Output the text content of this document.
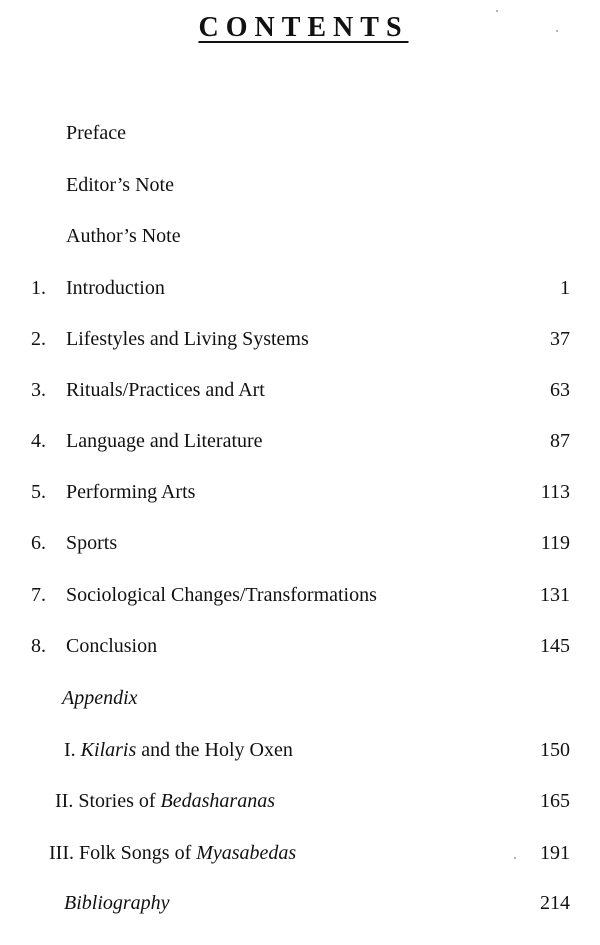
CONTENTS
Preface
Editor’s Note
Author’s Note
1. Introduction	1
2. Lifestyles and Living Systems	37
3. Rituals/Practices and Art	63
4. Language and Literature	87
5. Performing Arts	113
6. Sports	119
7. Sociological Changes/Transformations	131
8. Conclusion	145
Appendix
I. Kilaris and the Holy Oxen	150
II. Stories of Bedasharanas	165
III. Folk Songs of Myasabedas	191
Bibliography	214
